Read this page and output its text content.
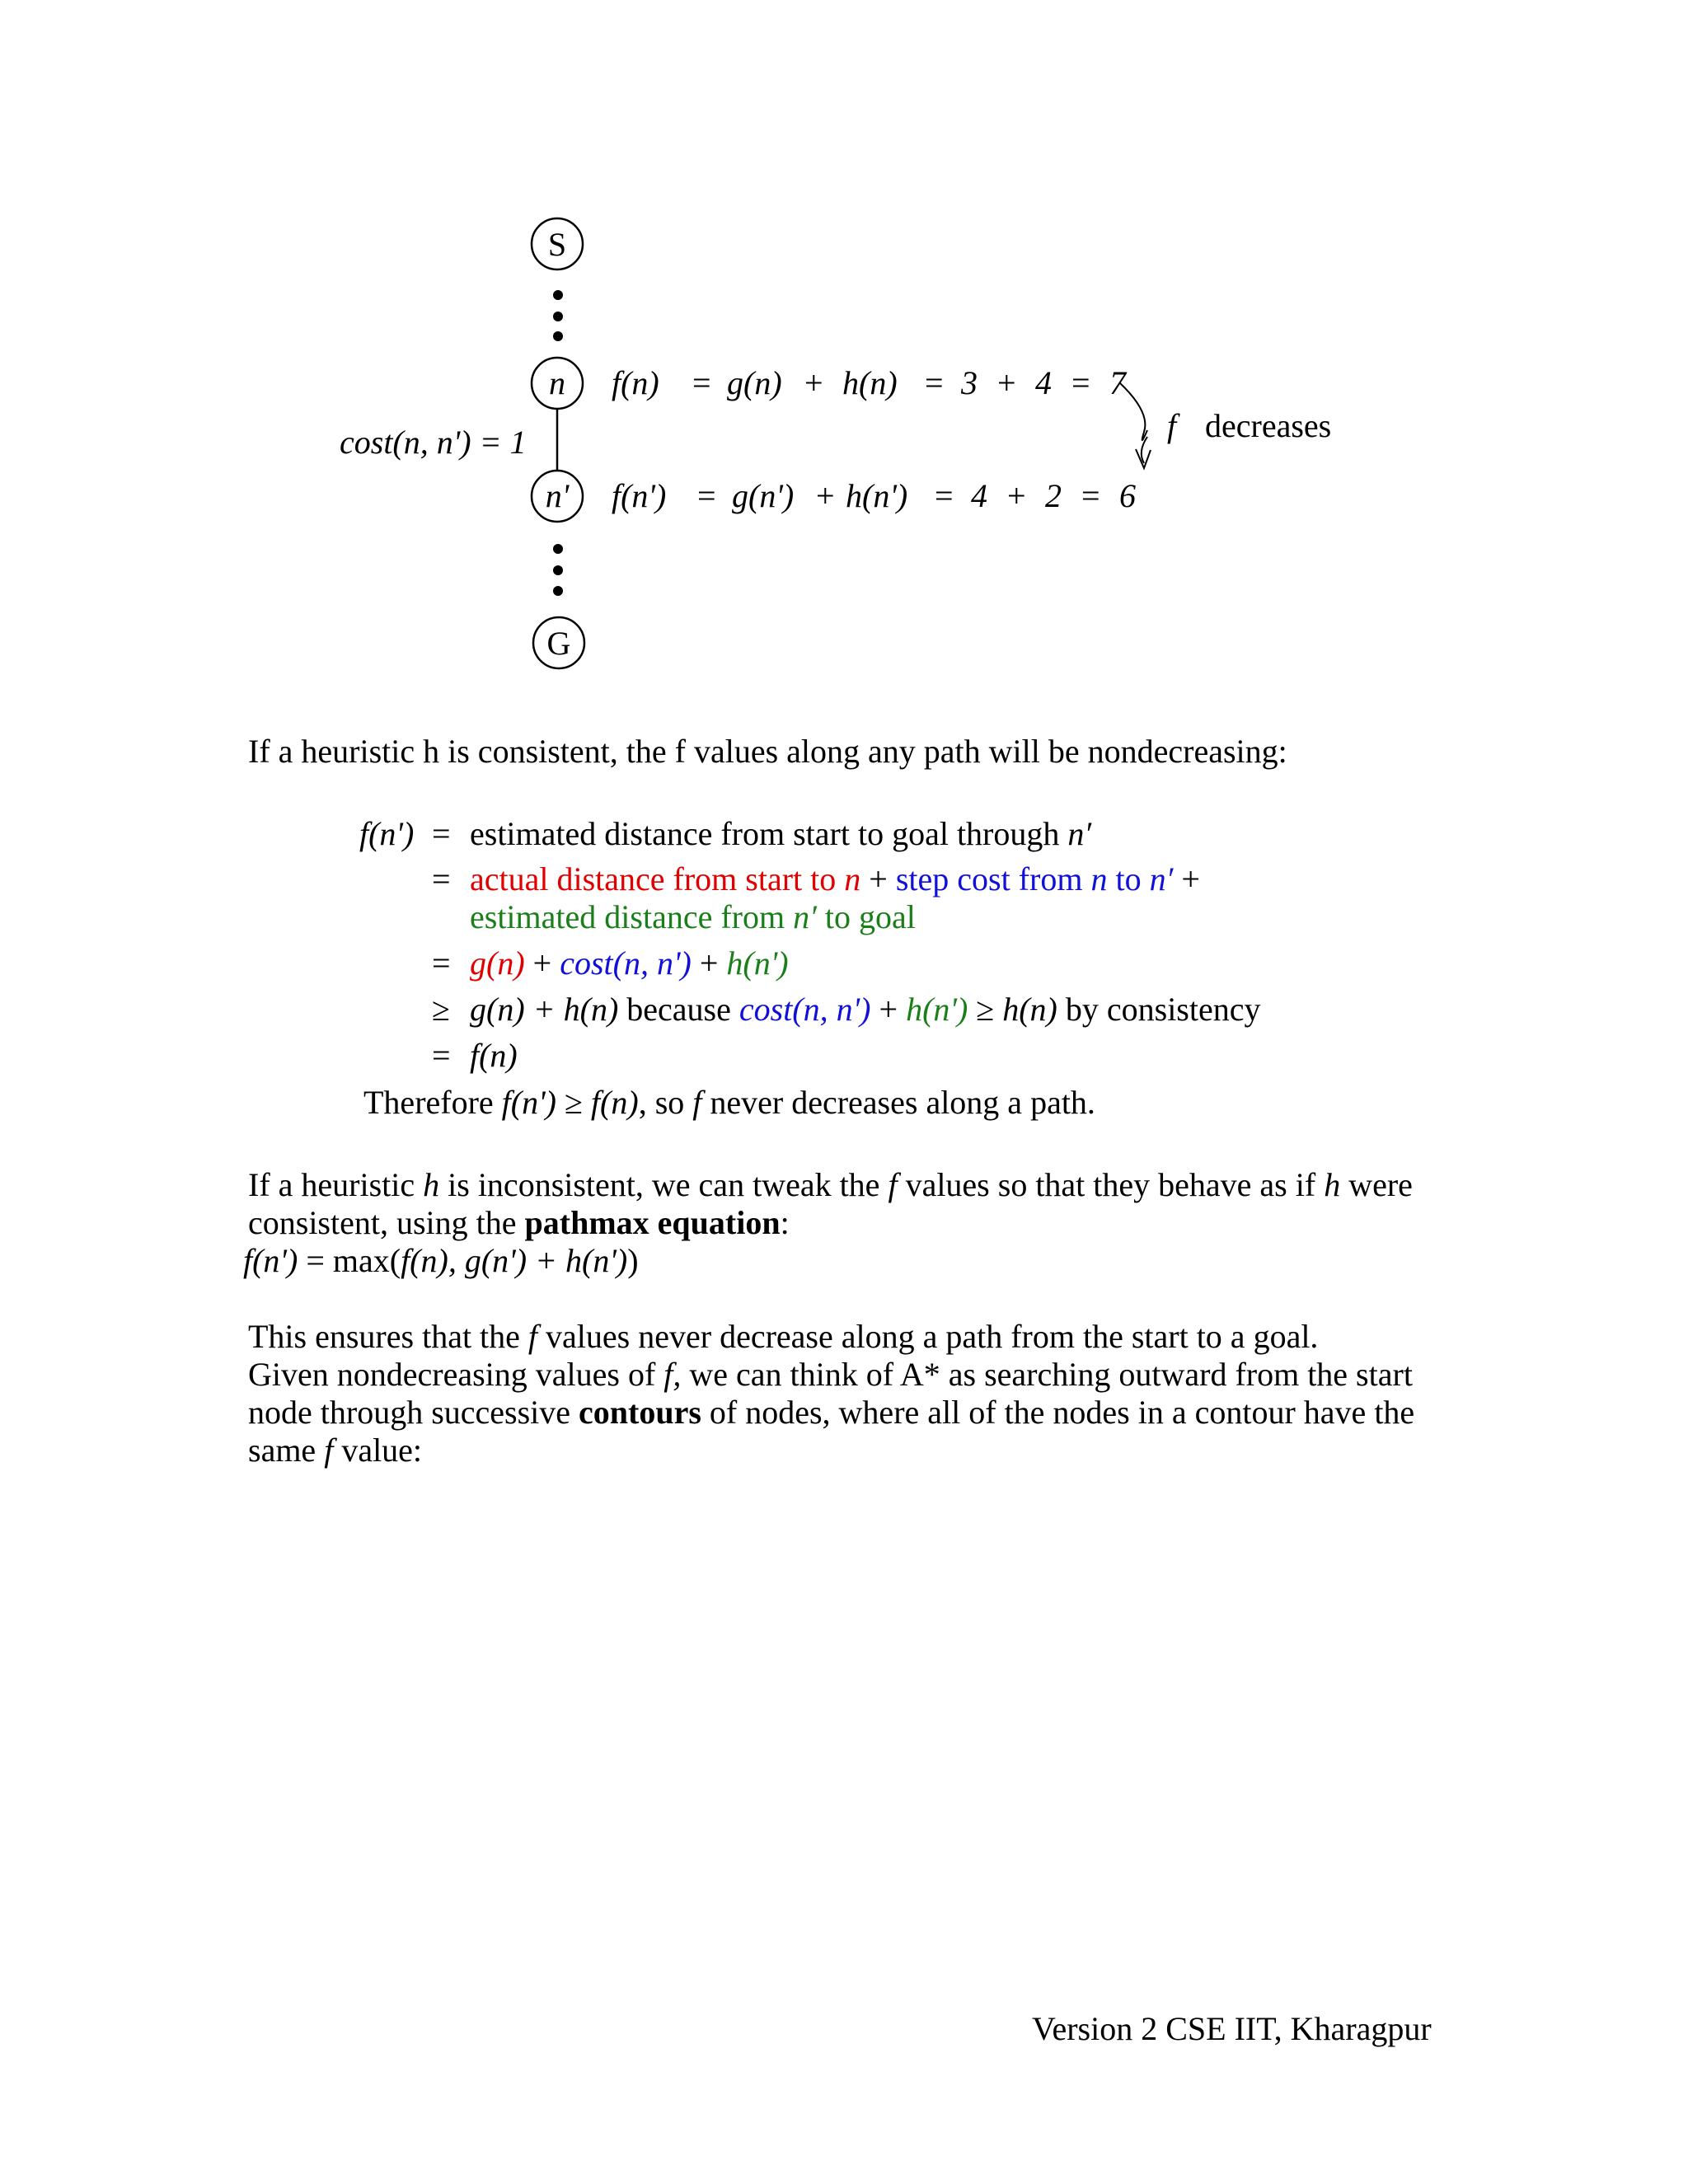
S
n
n'
G
cost(n, n') = 1
f(n) = g(n) + h(n) = 3 + 4 = 7
f(n') = g(n') + h(n') = 4 + 2 = 6
f decreases
If a heuristic h is consistent, the f values along any path will be nondecreasing:
f(n') = estimated distance from start to goal through n′
= actual distance from start to n + step cost from n to n′ +
estimated distance from n′ to goal
= g(n) + cost(n, n') + h(n')
≥ g(n) + h(n) because cost(n, n') + h(n') ≥ h(n) by consistency
= f(n)
Therefore f(n') ≥ f(n), so f never decreases along a path.
If a heuristic h is inconsistent, we can tweak the f values so that they behave as if h were
consistent, using the pathmax equation:
f(n') = max(f(n), g(n') + h(n'))
This ensures that the f values never decrease along a path from the start to a goal.
Given nondecreasing values of f, we can think of A* as searching outward from the start
node through successive contours of nodes, where all of the nodes in a contour have the
same f value:
Version 2 CSE IIT, Kharagpur
